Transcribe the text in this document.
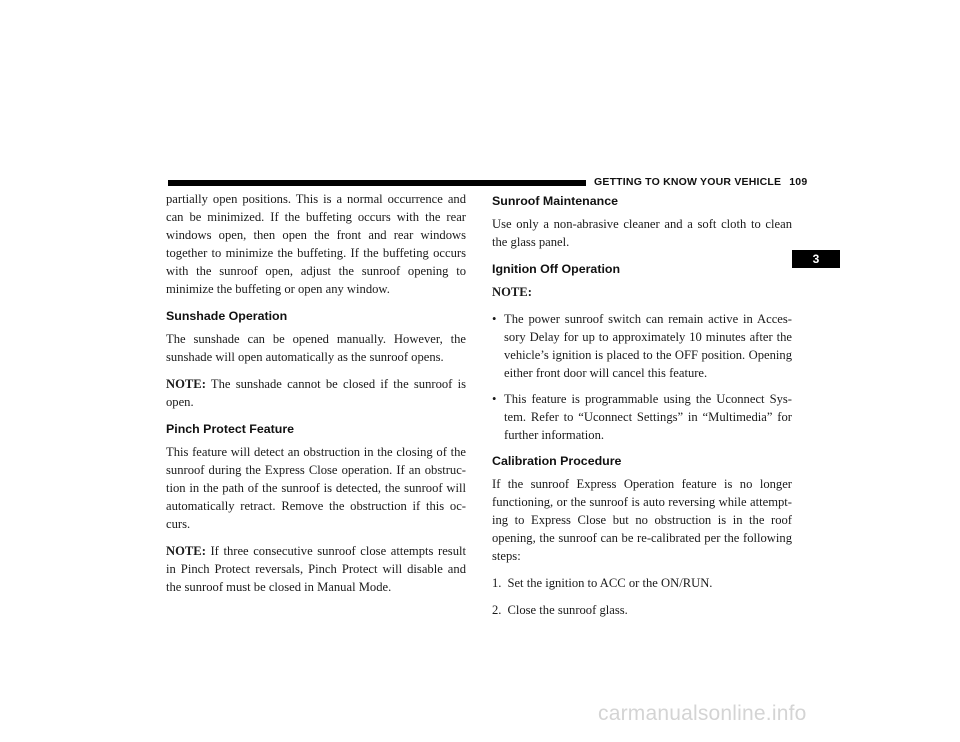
GETTING TO KNOW YOUR VEHICLE 109
3

partially open positions. This is a normal occurrence and can be minimized. If the buffeting occurs with the rear windows open, then open the front and rear windows together to minimize the buffeting. If the buffeting occurs with the sunroof open, adjust the sunroof opening to minimize the buffeting or open any window.

Sunshade Operation

The sunshade can be opened manually. However, the sunshade will open automatically as the sunroof opens.

NOTE: The sunshade cannot be closed if the sunroof is open.

Pinch Protect Feature

This feature will detect an obstruction in the closing of the sunroof during the Express Close operation. If an obstruc-tion in the path of the sunroof is detected, the sunroof will automatically retract. Remove the obstruction if this oc-curs.

NOTE: If three consecutive sunroof close attempts result in Pinch Protect reversals, Pinch Protect will disable and the sunroof must be closed in Manual Mode.

Sunroof Maintenance

Use only a non-abrasive cleaner and a soft cloth to clean the glass panel.

Ignition Off Operation

NOTE:

• The power sunroof switch can remain active in Acces-sory Delay for up to approximately 10 minutes after the vehicle’s ignition is placed to the OFF position. Opening either front door will cancel this feature.
• This feature is programmable using the Uconnect Sys-tem. Refer to “Uconnect Settings” in “Multimedia” for further information.
Calibration Procedure

If the sunroof Express Operation feature is no longer functioning, or the sunroof is auto reversing while attempt-ing to Express Close but no obstruction is in the roof opening, the sunroof can be re-calibrated per the following steps:

1. Set the ignition to ACC or the ON/RUN.
2. Close the sunroof glass.
carmanualsonline.info
